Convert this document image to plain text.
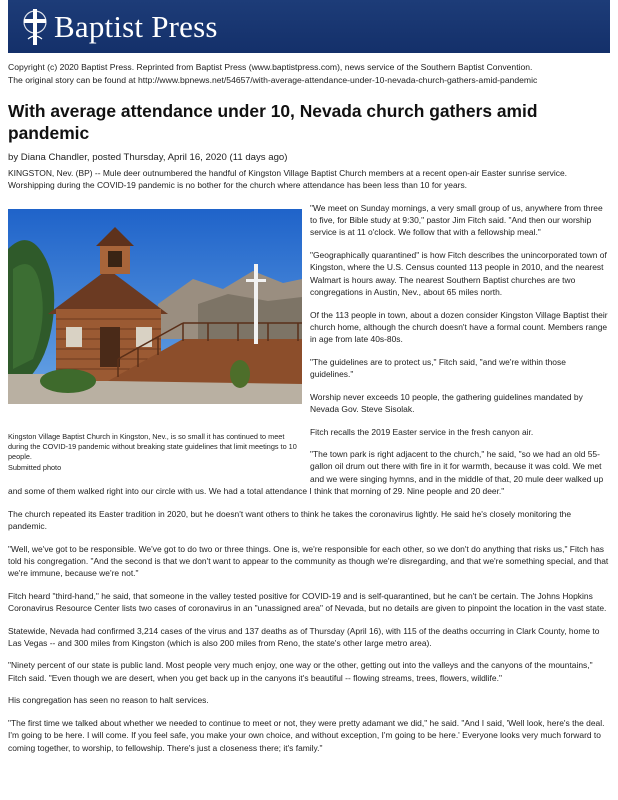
Baptist Press
Copyright (c) 2020 Baptist Press. Reprinted from Baptist Press (www.baptistpress.com), news service of the Southern Baptist Convention.
The original story can be found at http://www.bpnews.net/54657/with-average-attendance-under-10-nevada-church-gathers-amid-pandemic
With average attendance under 10, Nevada church gathers amid pandemic
by Diana Chandler, posted Thursday, April 16, 2020 (11 days ago)

KINGSTON, Nev. (BP) -- Mule deer outnumbered the handful of Kingston Village Baptist Church members at a recent open-air Easter sunrise service. Worshipping during the COVID-19 pandemic is no bother for the church where attendance has been less than 10 for years.

Kingston Village Baptist Church in Kingston, Nev., is so small it has continued to meet during the COVID-19 pandemic without breaking state guidelines that limit meetings to 10 people.
Submitted photo

"We meet on Sunday mornings, a very small group of us, anywhere from three to five, for Bible study at 9:30," pastor Jim Fitch said. "And then our worship service is at 11 o'clock. We follow that with a fellowship meal."

"Geographically quarantined" is how Fitch describes the unincorporated town of Kingston, where the U.S. Census counted 113 people in 2010, and the nearest Walmart is hours away. The nearest Southern Baptist churches are two congregations in Austin, Nev., about 65 miles north.

Of the 113 people in town, about a dozen consider Kingston Village Baptist their church home, although the church doesn't have a formal count. Members range in age from late 40s-80s.

"The guidelines are to protect us," Fitch said, "and we're within those guidelines."

Worship never exceeds 10 people, the gathering guidelines mandated by Nevada Gov. Steve Sisolak.

Fitch recalls the 2019 Easter service in the fresh canyon air.

"The town park is right adjacent to the church," he said, "so we had an old 55-gallon oil drum out there with fire in it for warmth, because it was cold. We met and we were singing hymns, and in the middle of that, 20 mule deer walked up and some of them walked right into our circle with us. We had a total attendance I think that morning of 29. Nine people and 20 deer."

The church repeated its Easter tradition in 2020, but he doesn't want others to think he takes the coronavirus lightly. He said he's closely monitoring the pandemic.

"Well, we've got to be responsible. We've got to do two or three things. One is, we're responsible for each other, so we don't do anything that risks us," Fitch has told his congregation. "And the second is that we don't want to appear to the community as though we're disregarding, and that we're something special, and that we're immune, because we're not."

Fitch heard "third-hand," he said, that someone in the valley tested positive for COVID-19 and is self-quarantined, but he can't be certain. The Johns Hopkins Coronavirus Resource Center lists two cases of coronavirus in an "unassigned area" of Nevada, but no details are given to pinpoint the location in the vast state.

Statewide, Nevada had confirmed 3,214 cases of the virus and 137 deaths as of Thursday (April 16), with 115 of the deaths occurring in Clark County, home to Las Vegas -- and 300 miles from Kingston (which is also 200 miles from Reno, the state's other large metro area).

"Ninety percent of our state is public land. Most people very much enjoy, one way or the other, getting out into the valleys and the canyons of the mountains," Fitch said. "Even though we are desert, when you get back up in the canyons it's beautiful -- flowing streams, trees, flowers, wildlife."

His congregation has seen no reason to halt services.

"The first time we talked about whether we needed to continue to meet or not, they were pretty adamant we did," he said. "And I said, 'Well look, here's the deal. I'm going to be here. I will come. If you feel safe, you make your own choice, and without exception, I'm going to be here.' Everyone looks very much forward to coming together, to worship, to fellowship. There's just a closeness there; it's family."
